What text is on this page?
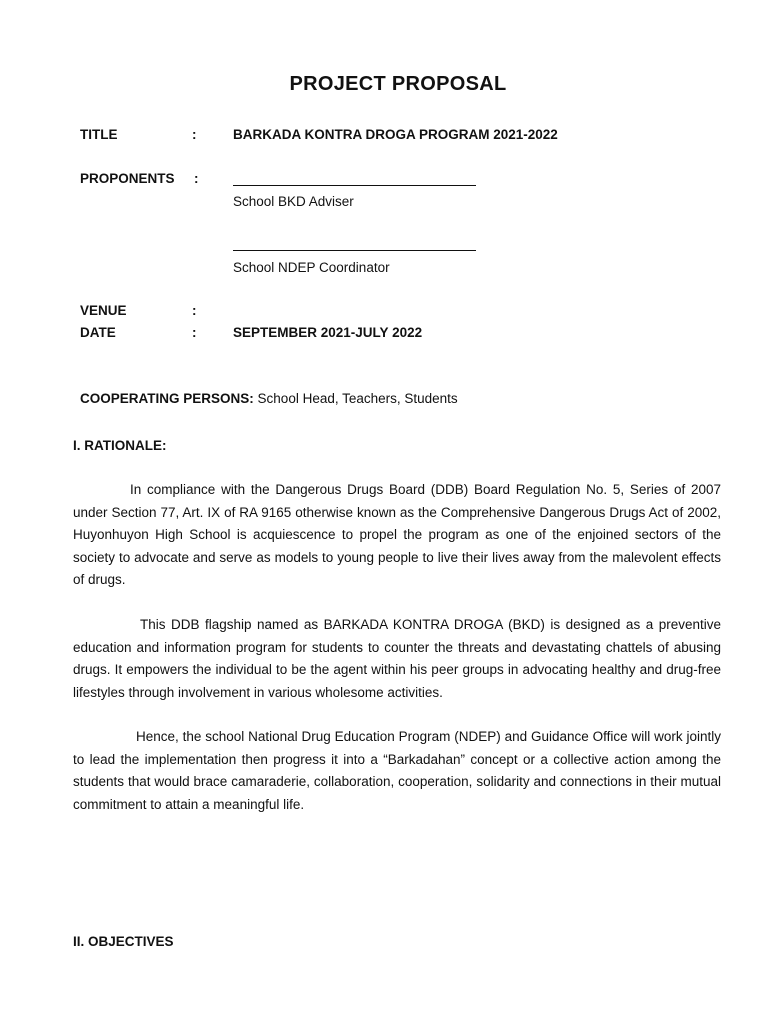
PROJECT PROPOSAL
TITLE	:	BARKADA KONTRA DROGA PROGRAM 2021-2022
PROPONENTS :
School BKD Adviser
School NDEP Coordinator
VENUE	:
DATE	:	SEPTEMBER 2021-JULY 2022
COOPERATING PERSONS: School Head, Teachers, Students
I. RATIONALE:

In compliance with the Dangerous Drugs Board (DDB) Board Regulation No. 5, Series of 2007 under Section 77, Art. IX of RA 9165 otherwise known as the Comprehensive Dangerous Drugs Act of 2002, Huyonhuyon High School is acquiescence to propel the program as one of the enjoined sectors of the society to advocate and serve as models to young people to live their lives away from the malevolent effects of drugs.

This DDB flagship named as BARKADA KONTRA DROGA (BKD) is designed as a preventive education and information program for students to counter the threats and devastating chattels of abusing drugs. It empowers the individual to be the agent within his peer groups in advocating healthy and drug-free lifestyles through involvement in various wholesome activities.

Hence, the school National Drug Education Program (NDEP) and Guidance Office will work jointly to lead the implementation then progress it into a “Barkadahan” concept or a collective action among the students that would brace camaraderie, collaboration, cooperation, solidarity and connections in their mutual commitment to attain a meaningful life.

II. OBJECTIVES
